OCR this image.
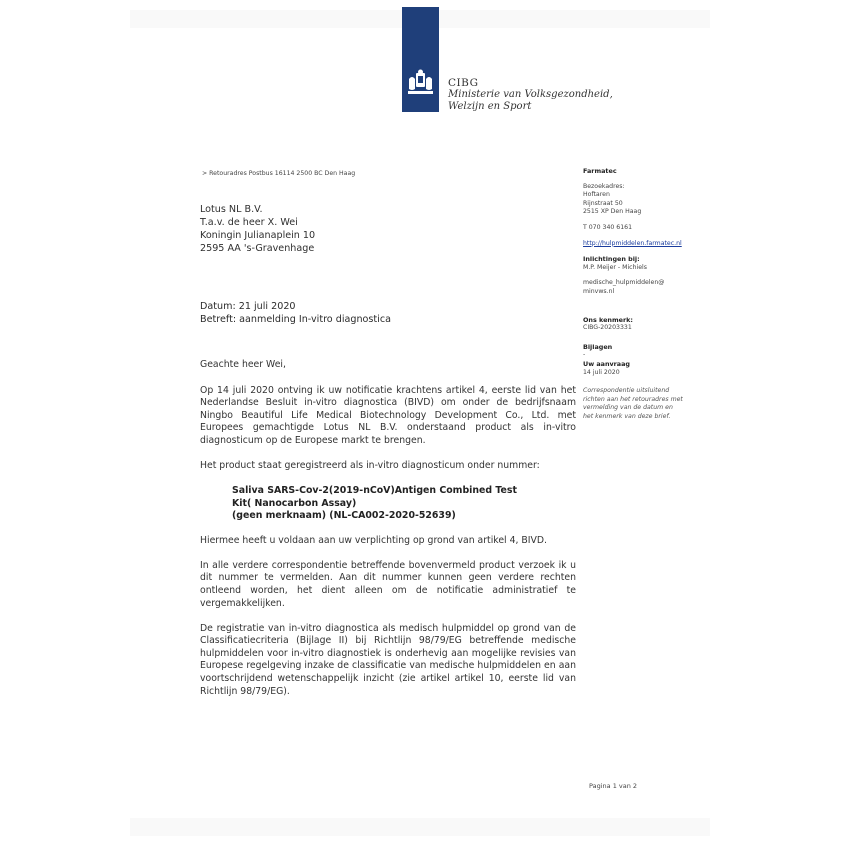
CIBG
Ministerie van Volksgezondheid,
Welzijn en Sport
> Retouradres Postbus 16114 2500 BC Den Haag
Lotus NL B.V.
T.a.v. de heer X. Wei
Koningin Julianaplein 10
2595 AA 's-Gravenhage
Datum: 21 juli 2020
Betreft: aanmelding In-vitro diagnostica

Geachte heer Wei,

Op 14 juli 2020 ontving ik uw notificatie krachtens artikel 4, eerste lid van het Nederlandse Besluit in-vitro diagnostica (BIVD) om onder de bedrijfsnaam Ningbo Beautiful Life Medical Biotechnology Development Co., Ltd. met Europees gemachtigde Lotus NL B.V. onderstaand product als in-vitro diagnosticum op de Europese markt te brengen.

Het product staat geregistreerd als in-vitro diagnosticum onder nummer:

Saliva SARS-Cov-2(2019-nCoV)Antigen Combined Test
Kit( Nanocarbon Assay)
(geen merknaam) (NL-CA002-2020-52639)

Hiermee heeft u voldaan aan uw verplichting op grond van artikel 4, BIVD.

In alle verdere correspondentie betreffende bovenvermeld product verzoek ik u dit nummer te vermelden. Aan dit nummer kunnen geen verdere rechten ontleend worden, het dient alleen om de notificatie administratief te vergemakkelijken.

De registratie van in-vitro diagnostica als medisch hulpmiddel op grond van de Classificatiecriteria (Bijlage II) bij Richtlijn 98/79/EG betreffende medische hulpmiddelen voor in-vitro diagnostiek is onderhevig aan mogelijke revisies van Europese regelgeving inzake de classificatie van medische hulpmiddelen en aan voortschrijdend wetenschappelijk inzicht (zie artikel artikel 10, eerste lid van Richtlijn 98/79/EG).

Farmatec
Bezoekadres:
Hoftaren
Rijnstraat 50
2515 XP Den Haag
T 070 340 6161
http://hulpmiddelen.farmatec.nl
Inlichtingen bij:
M.P. Meijer - Michiels
medische_hulpmiddelen@
minvws.nl
Ons kenmerk:
CIBG-20203331
Bijlagen
-
Uw aanvraag
14 juli 2020
Correspondentie uitsluitend
richten aan het retouradres met
vermelding van de datum en
het kenmerk van deze brief.
Pagina 1 van 2
